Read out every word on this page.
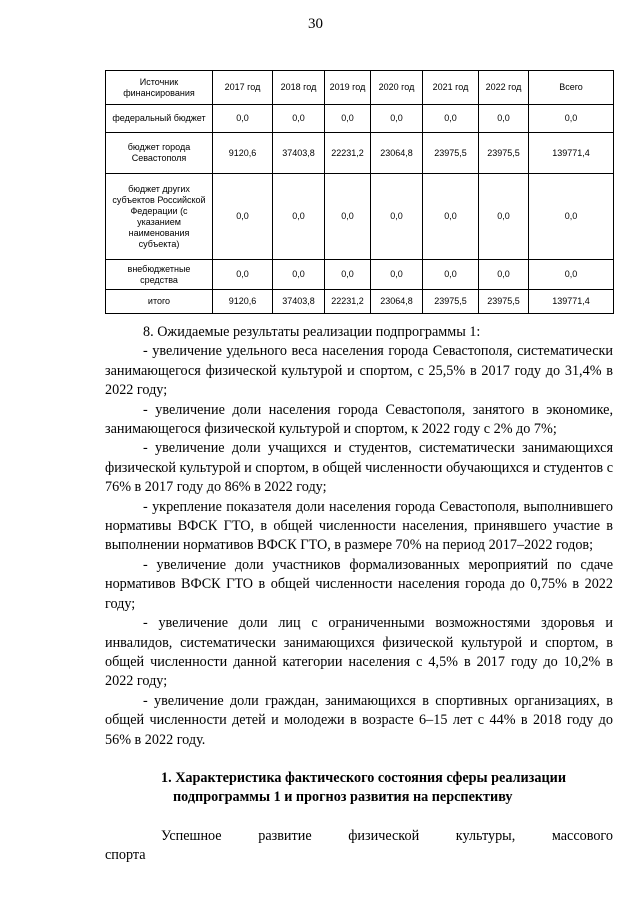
30
Источник финансирования	2017 год	2018 год	2019 год	2020 год	2021 год	2022 год	Всего
федеральный бюджет	0,0	0,0	0,0	0,0	0,0	0,0	0,0
бюджет города Севастополя	9120,6	37403,8	22231,2	23064,8	23975,5	23975,5	139771,4
бюджет других субъектов Российской Федерации (с указанием наименования субъекта)	0,0	0,0	0,0	0,0	0,0	0,0	0,0
внебюджетные средства	0,0	0,0	0,0	0,0	0,0	0,0	0,0
итого	9120,6	37403,8	22231,2	23064,8	23975,5	23975,5	139771,4

8. Ожидаемые результаты реализации подпрограммы 1:

- увеличение удельного веса населения города Севастополя, систематически занимающегося физической культурой и спортом, с 25,5% в 2017 году до 31,4% в 2022 году;

- увеличение доли населения города Севастополя, занятого в экономике, занимающегося физической культурой и спортом, к 2022 году с 2% до 7%;

- увеличение доли учащихся и студентов, систематически занимающихся физической культурой и спортом, в общей численности обучающихся и студентов с 76% в 2017 году до 86% в 2022 году;

- укрепление показателя доли населения города Севастополя, выполнившего нормативы ВФСК ГТО, в общей численности населения, принявшего участие в выполнении нормативов ВФСК ГТО, в размере 70% на период 2017–2022 годов;

- увеличение доли участников формализованных мероприятий по сдаче нормативов ВФСК ГТО в общей численности населения города до 0,75% в 2022 году;

- увеличение доли лиц с ограниченными возможностями здоровья и инвалидов, систематически занимающихся физической культурой и спортом, в общей численности данной категории населения с 4,5% в 2017 году до 10,2% в 2022 году;

- увеличение доли граждан, занимающихся в спортивных организациях, в общей численности детей и молодежи в возрасте 6–15 лет с 44% в 2018 году до 56% в 2022 году.

1. Характеристика фактического состояния сферы реализации
подпрограммы 1 и прогноз развития на перспективу

Успешное развитие физической культуры, массового спорта
